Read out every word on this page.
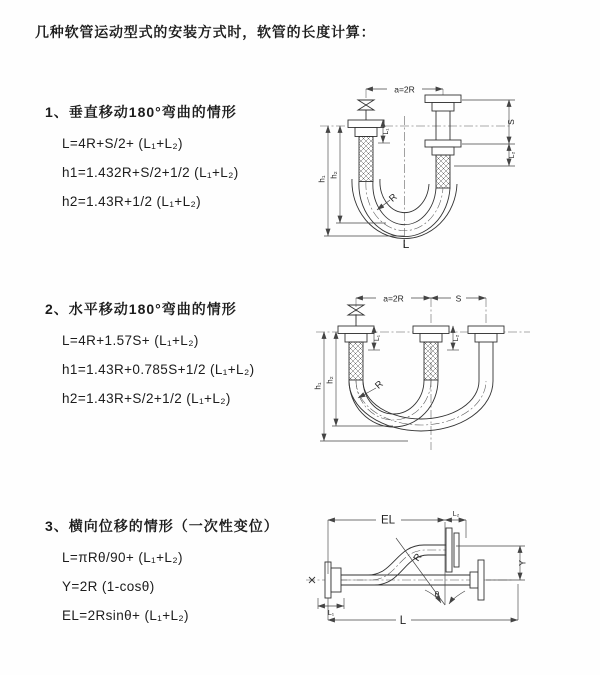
几种软管运动型式的安装方式时，软管的长度计算：
1、垂直移动180°弯曲的情形
L=4R+S/2+ (L₁+L₂)
h1=1.432R+S/2+1/2 (L₁+L₂)
h2=1.43R+1/2 (L₁+L₂)
a=2R
S
L₂
h₁
h₂
L₁
R
L
2、水平移动180°弯曲的情形
L=4R+1.57S+ (L₁+L₂)
h1=1.43R+0.785S+1/2 (L₁+L₂)
h2=1.43R+S/2+1/2 (L₁+L₂)
a=2R	S
h₁
h₂
L₁	L₂
R
3、横向位移的情形（一次性变位）
L=πRθ/90+ (L₁+L₂)
Y=2R (1-cosθ)
EL=2Rsinθ+ (L₁+L₂)
EL	L₂
Y
L
L₁
R
θ
